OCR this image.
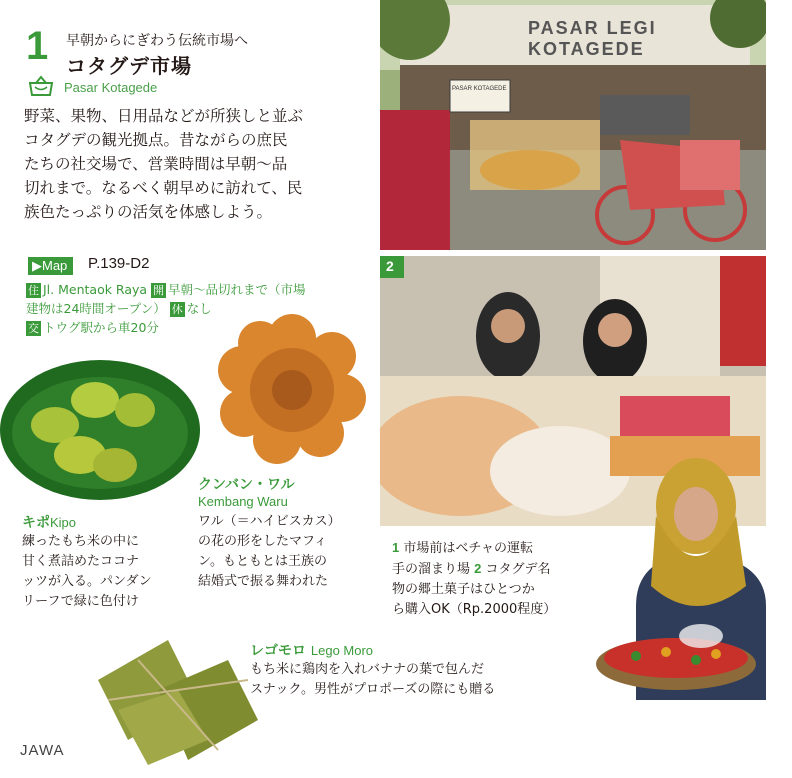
1 早朝からにぎわう伝統市場へ
コタグデ市場
Pasar Kotagede
野菜、果物、日用品などが所狭しと並ぶ
コタグデの観光拠点。昔ながらの庶民
たちの社交場で、営業時間は早朝〜品
切れまで。なるべく朝早めに訪れて、民
族色たっぷりの活気を体感しよう。
▶Map	P.139-D2
住 Jl. Mentaok Raya 開 早朝〜品切れまで（市場
建物は24時間オープン） 休 なし
交 トウグ駅から車20分
PASAR LEGI KOTAGEDE
PASAR KOTAGEDE
2
キポKipo
練ったもち米の中に
甘く煮詰めたココナ
ッツが入る。パンダン
リーフで緑に色付け
クンバン・ワル
Kembang Waru
ワル（＝ハイビスカス）
の花の形をしたマフィ
ン。もともとは王族の
結婚式で振る舞われた
1 市場前はベチャの運転
手の溜まり場 2 コタグデ名
物の郷土菓子はひとつか
ら購入OK（Rp.2000程度）
レゴモロ Lego Moro
もち米に鶏肉を入れバナナの葉で包んだ
スナック。男性がプロポーズの際にも贈る
JAWA
